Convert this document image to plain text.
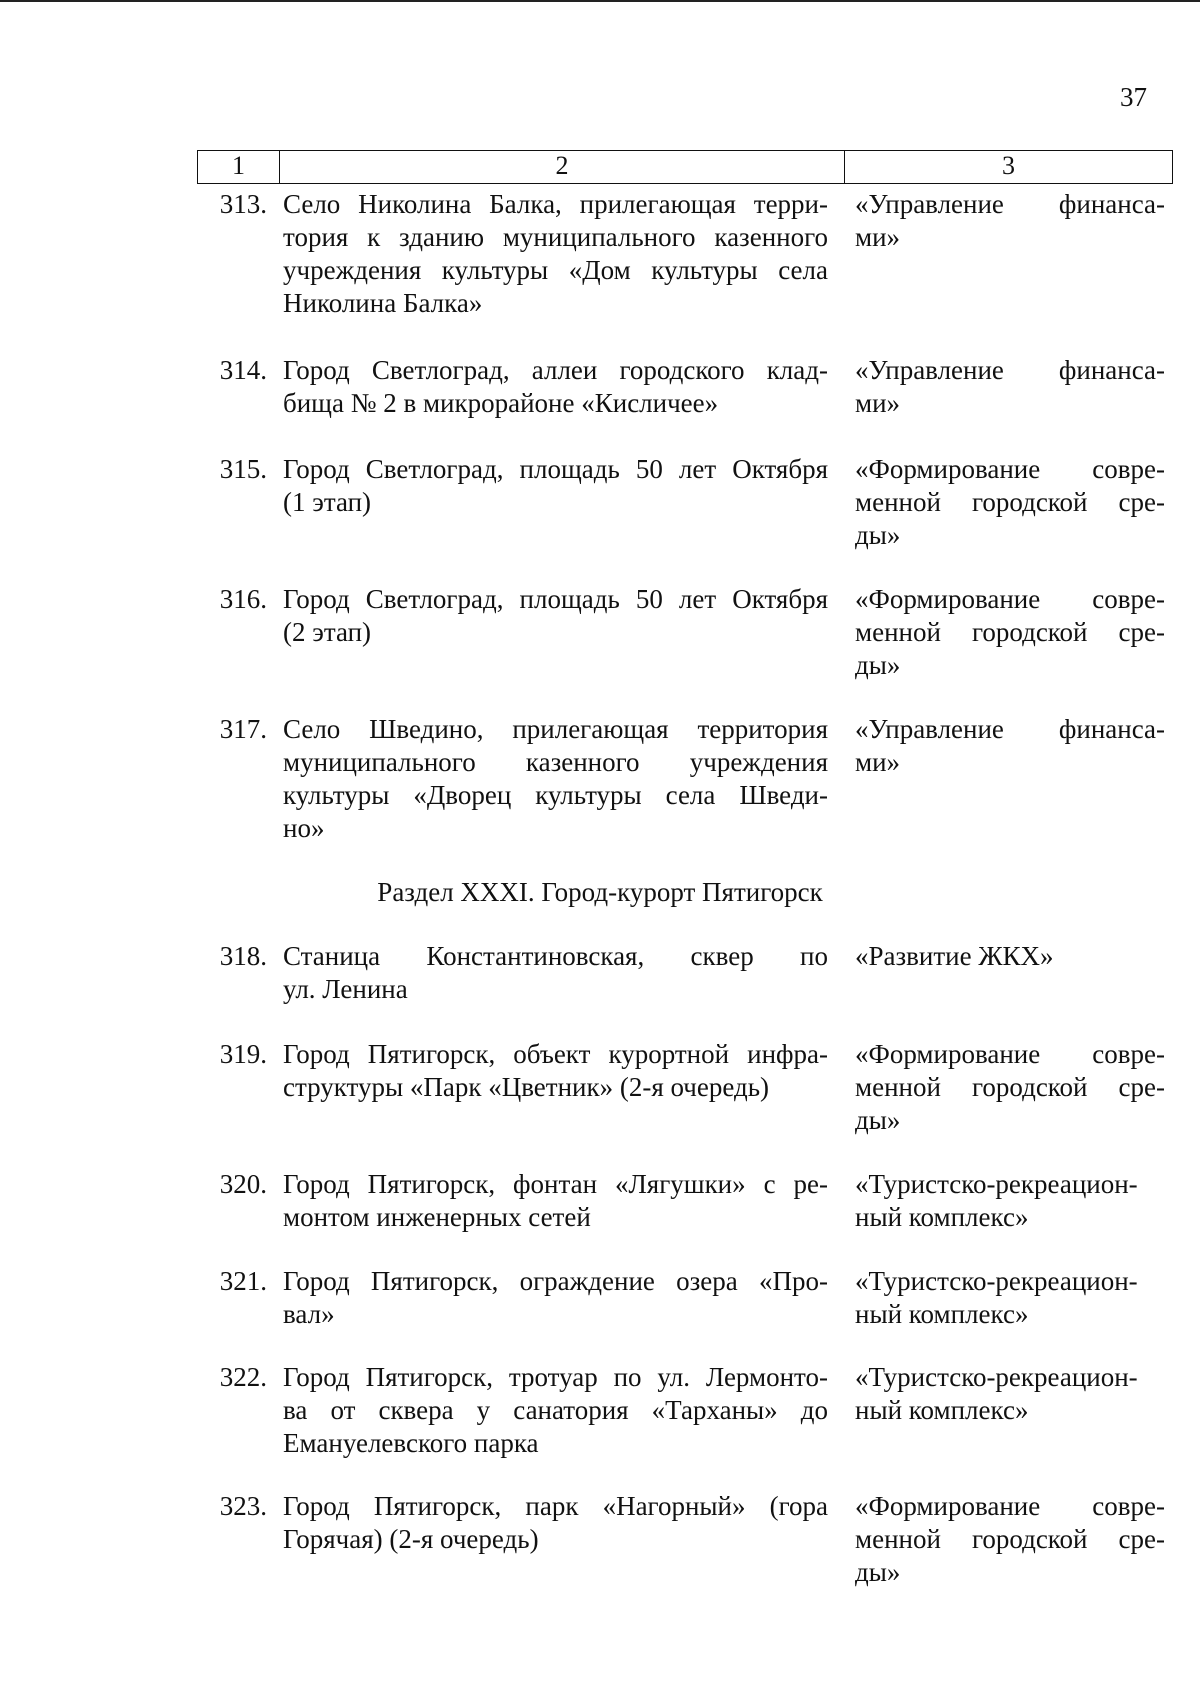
37
1	2	3
313. Село Николина Балка, прилегающая терри-
тория к зданию муниципального казенного
учреждения культуры «Дом культуры села
Николина Балка»
«Управление финанса-
ми»
314. Город Светлоград, аллеи городского клад-
бища № 2 в микрорайоне «Кисличее»
«Управление финанса-
ми»
315. Город Светлоград, площадь 50 лет Октября
(1 этап)
«Формирование совре-
менной городской сре-
ды»
316. Город Светлоград, площадь 50 лет Октября
(2 этап)
«Формирование совре-
менной городской сре-
ды»
317. Село Шведино, прилегающая территория
муниципального казенного учреждения
культуры «Дворец культуры села Шведи-
но»
«Управление финанса-
ми»
Раздел XXXI. Город-курорт Пятигорск
318. Станица Константиновская, сквер по
ул. Ленина
«Развитие ЖКХ»
319. Город Пятигорск, объект курортной инфра-
структуры «Парк «Цветник» (2-я очередь)
«Формирование совре-
менной городской сре-
ды»
320. Город Пятигорск, фонтан «Лягушки» с ре-
монтом инженерных сетей
«Туристско-рекреацион-
ный комплекс»
321. Город Пятигорск, ограждение озера «Про-
вал»
«Туристско-рекреацион-
ный комплекс»
322. Город Пятигорск, тротуар по ул. Лермонто-
ва от сквера у санатория «Тарханы» до
Емануелевского парка
«Туристско-рекреацион-
ный комплекс»
323. Город Пятигорск, парк «Нагорный» (гора
Горячая) (2-я очередь)
«Формирование совре-
менной городской сре-
ды»
